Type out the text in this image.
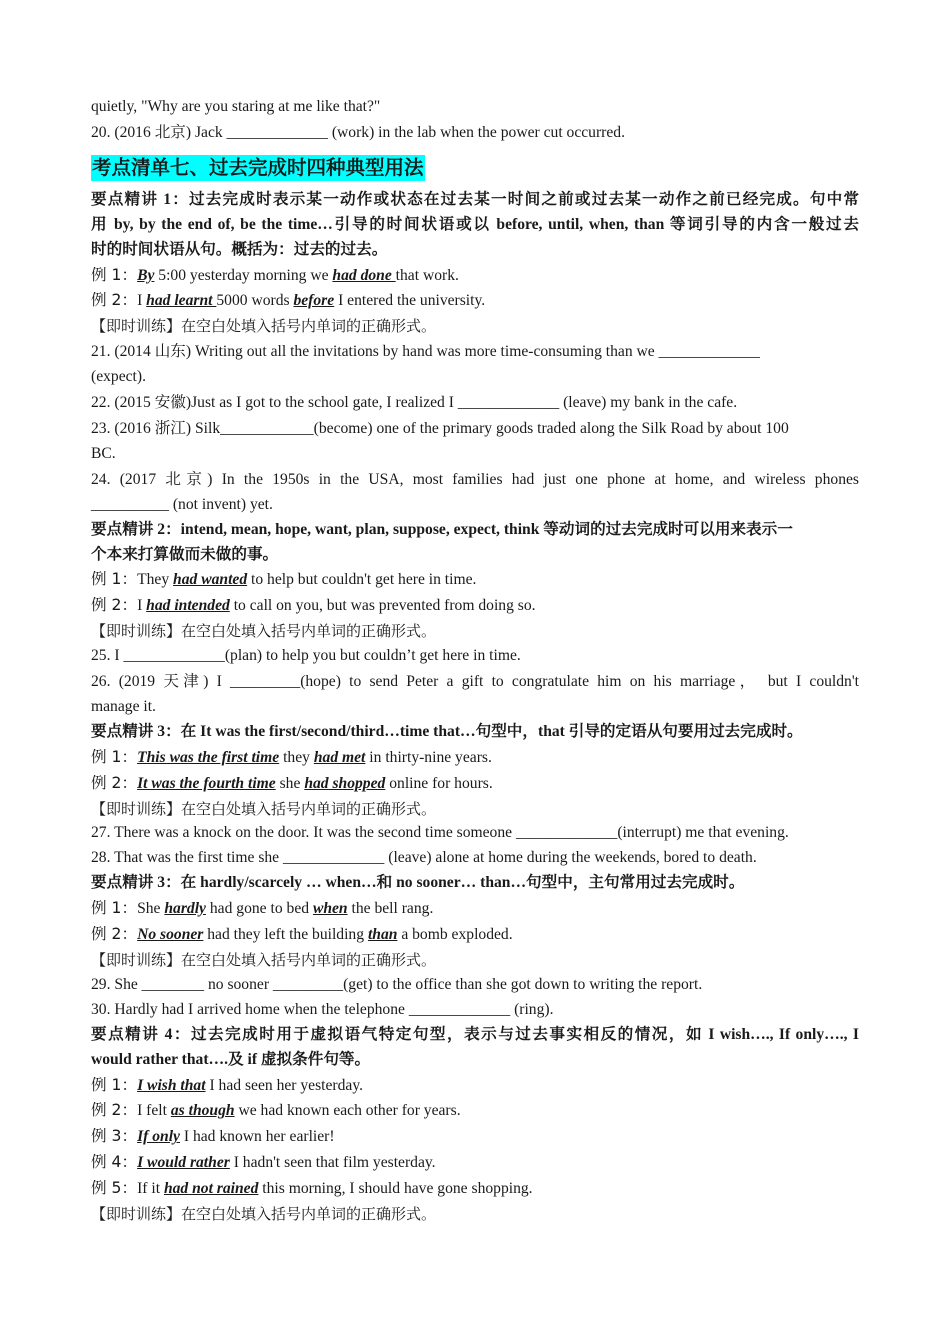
quietly, "Why are you staring at me like that?"
20. (2016 北京) Jack _____________ (work) in the lab when the power cut occurred.
考点清单七、过去完成时四种典型用法
要点精讲 1：过去完成时表示某一动作或状态在过去某一时间之前或过去某一动作之前已经完成。句中常
用 by, by the end of, be the time…引导的时间状语或以 before, until, when, than 等词引导的内含一般过去
时的时间状语从句。概括为：过去的过去。
例 1：By 5:00 yesterday morning we had done that work.
例 2：I had learnt 5000 words before I entered the university.
【即时训练】在空白处填入括号内单词的正确形式。
21. (2014 山东) Writing out all the invitations by hand was more time-consuming than we _____________
(expect).
22. (2015 安徽)Just as I got to the school gate, I realized I _____________ (leave) my bank in the cafe.
23. (2016 浙江) Silk____________(become) one of the primary goods traded along the Silk Road by about 100
BC.
24. (2017 北京) In the 1950s in the USA, most families had just one phone at home, and wireless phones
__________ (not invent) yet.
要点精讲 2：intend, mean, hope, want, plan, suppose, expect, think 等动词的过去完成时可以用来表示一
个本来打算做而未做的事。
例 1：They had wanted to help but couldn't get here in time.
例 2：I had intended to call on you, but was prevented from doing so.
【即时训练】在空白处填入括号内单词的正确形式。
25. I _____________(plan) to help you but couldn’t get here in time.
26. (2019 天津) I _________(hope) to send Peter a gift to congratulate him on his marriage， but I couldn't
manage it.
要点精讲 3：在 It was the first/second/third…time that…句型中，that 引导的定语从句要用过去完成时。
例 1：This was the first time they had met in thirty-nine years.
例 2：It was the fourth time she had shopped online for hours.
【即时训练】在空白处填入括号内单词的正确形式。
27. There was a knock on the door. It was the second time someone _____________(interrupt) me that evening.
28. That was the first time she _____________ (leave) alone at home during the weekends, bored to death.
要点精讲 3：在 hardly/scarcely … when…和 no sooner… than…句型中，主句常用过去完成时。
例 1：She hardly had gone to bed when the bell rang.
例 2：No sooner had they left the building than a bomb exploded.
【即时训练】在空白处填入括号内单词的正确形式。
29. She ________ no sooner _________(get) to the office than she got down to writing the report.
30. Hardly had I arrived home when the telephone _____________ (ring).
要点精讲 4：过去完成时用于虚拟语气特定句型，表示与过去事实相反的情况，如 I wish…., If only…., I
would rather that….及 if 虚拟条件句等。
例 1：I wish that I had seen her yesterday.
例 2：I felt as though we had known each other for years.
例 3：If only I had known her earlier!
例 4：I would rather I hadn't seen that film yesterday.
例 5：If it had not rained this morning, I should have gone shopping.
【即时训练】在空白处填入括号内单词的正确形式。
